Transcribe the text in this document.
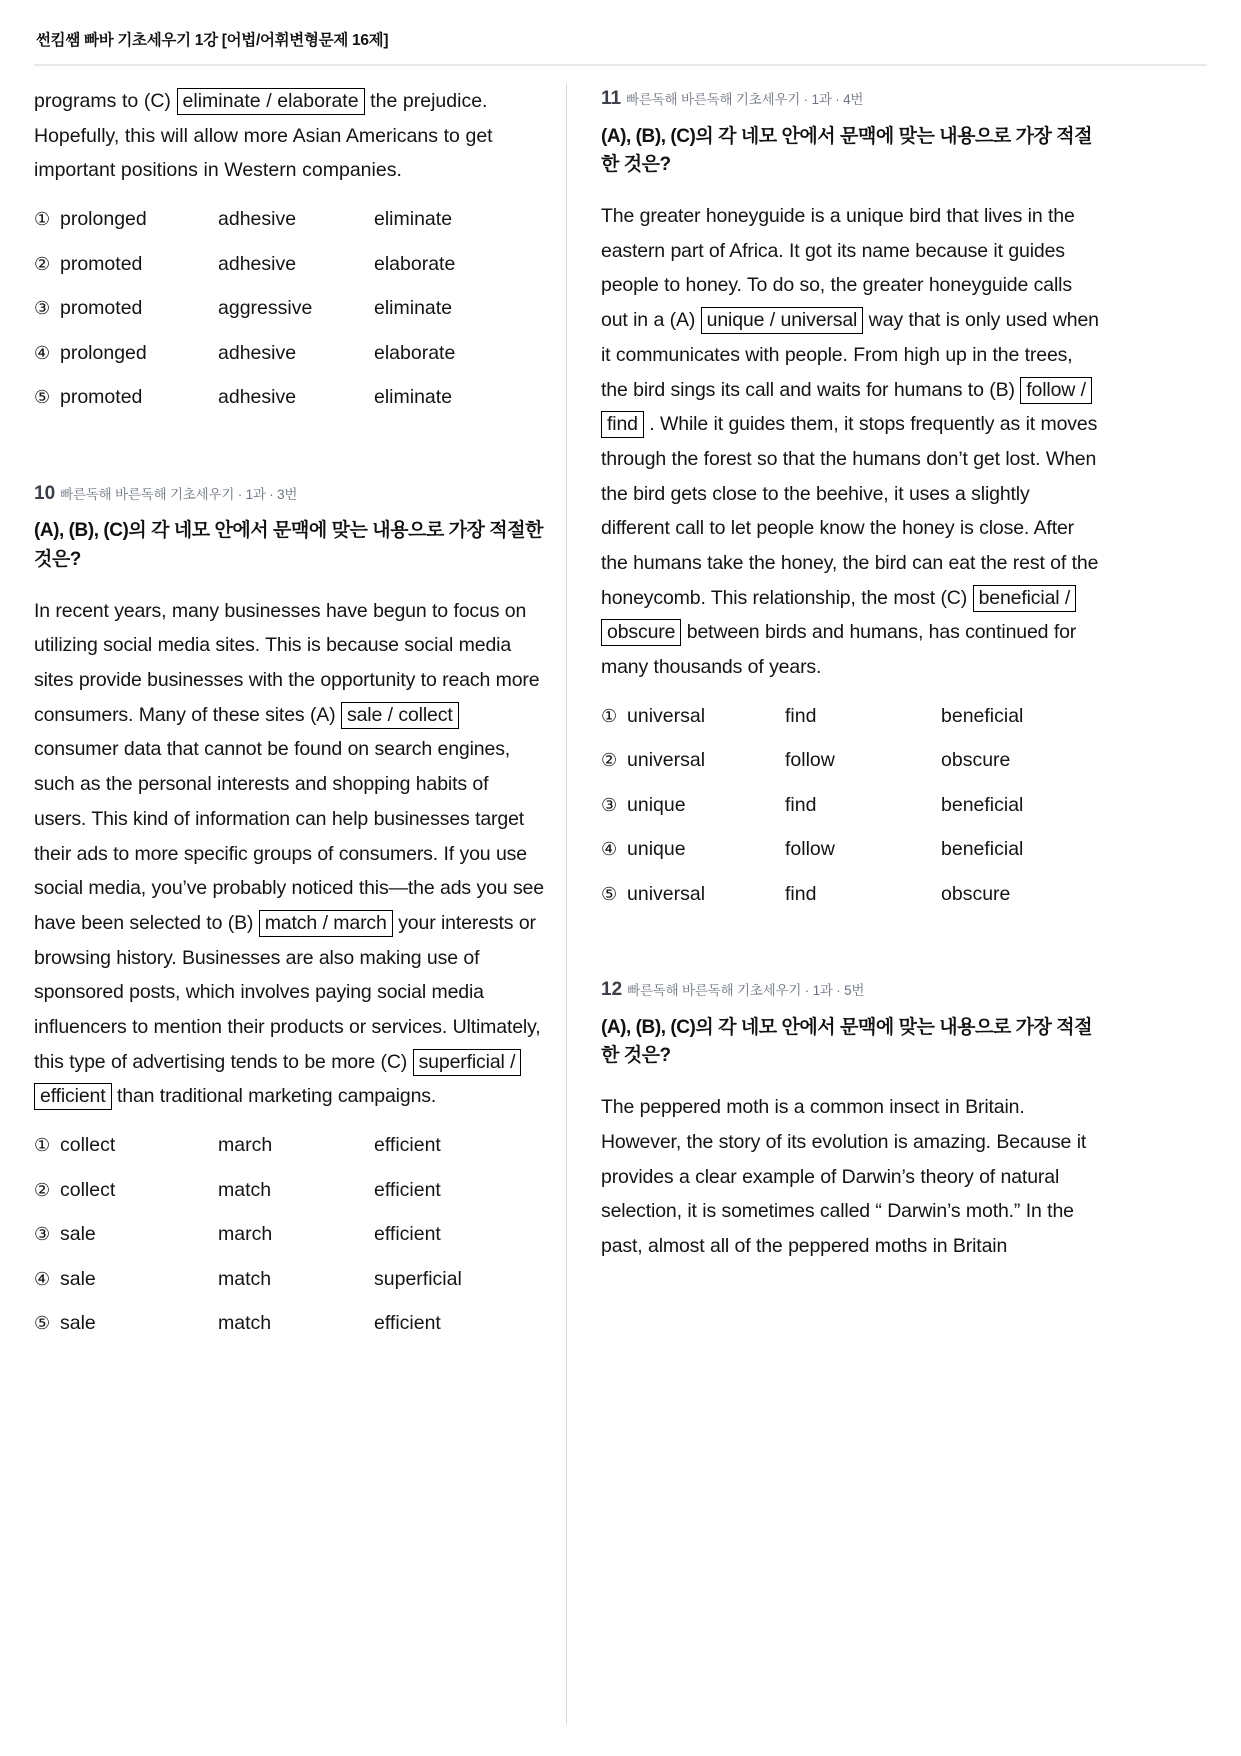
썬킴쌤 빠바 기초세우기 1강 [어법/어휘변형문제 16제]

programs to (C) eliminate / elaborate the prejudice. Hopefully, this will allow more Asian Americans to get important positions in Western companies.

① prolonged	adhesive	eliminate
② promoted	adhesive	elaborate
③ promoted	aggressive	eliminate
④ prolonged	adhesive	elaborate
⑤ promoted	adhesive	eliminate
10 빠른독해 바른독해 기초세우기 · 1과 · 3번
(A), (B), (C)의 각 네모 안에서 문맥에 맞는 내용으로 가장 적절한 것은?

In recent years, many businesses have begun to focus on utilizing social media sites. This is because social media sites provide businesses with the opportunity to reach more consumers. Many of these sites (A) sale / collect consumer data that cannot be found on search engines, such as the personal interests and shopping habits of users. This kind of information can help businesses target their ads to more specific groups of consumers. If you use social media, you’ve probably noticed this—the ads you see have been selected to (B) match / march your interests or browsing history. Businesses are also making use of sponsored posts, which involves paying social media influencers to mention their products or services. Ultimately, this type of advertising tends to be more (C) superficial / efficient than traditional marketing campaigns.

① collect	march	efficient
② collect	match	efficient
③ sale	march	efficient
④ sale	match	superficial
⑤ sale	match	efficient
11 빠른독해 바른독해 기초세우기 · 1과 · 4번
(A), (B), (C)의 각 네모 안에서 문맥에 맞는 내용으로 가장 적절한 것은?

The greater honeyguide is a unique bird that lives in the eastern part of Africa. It got its name because it guides people to honey. To do so, the greater honeyguide calls out in a (A) unique / universal way that is only used when it communicates with people. From high up in the trees, the bird sings its call and waits for humans to (B) follow / find . While it guides them, it stops frequently as it moves through the forest so that the humans don’t get lost. When the bird gets close to the beehive, it uses a slightly different call to let people know the honey is close. After the humans take the honey, the bird can eat the rest of the honeycomb. This relationship, the most (C) beneficial / obscure between birds and humans, has continued for many thousands of years.

① universal	find	beneficial
② universal	follow	obscure
③ unique	find	beneficial
④ unique	follow	beneficial
⑤ universal	find	obscure
12 빠른독해 바른독해 기초세우기 · 1과 · 5번
(A), (B), (C)의 각 네모 안에서 문맥에 맞는 내용으로 가장 적절한 것은?

The peppered moth is a common insect in Britain. However, the story of its evolution is amazing. Because it provides a clear example of Darwin’s theory of natural selection, it is sometimes called “ Darwin’s moth.” In the past, almost all of the peppered moths in Britain
